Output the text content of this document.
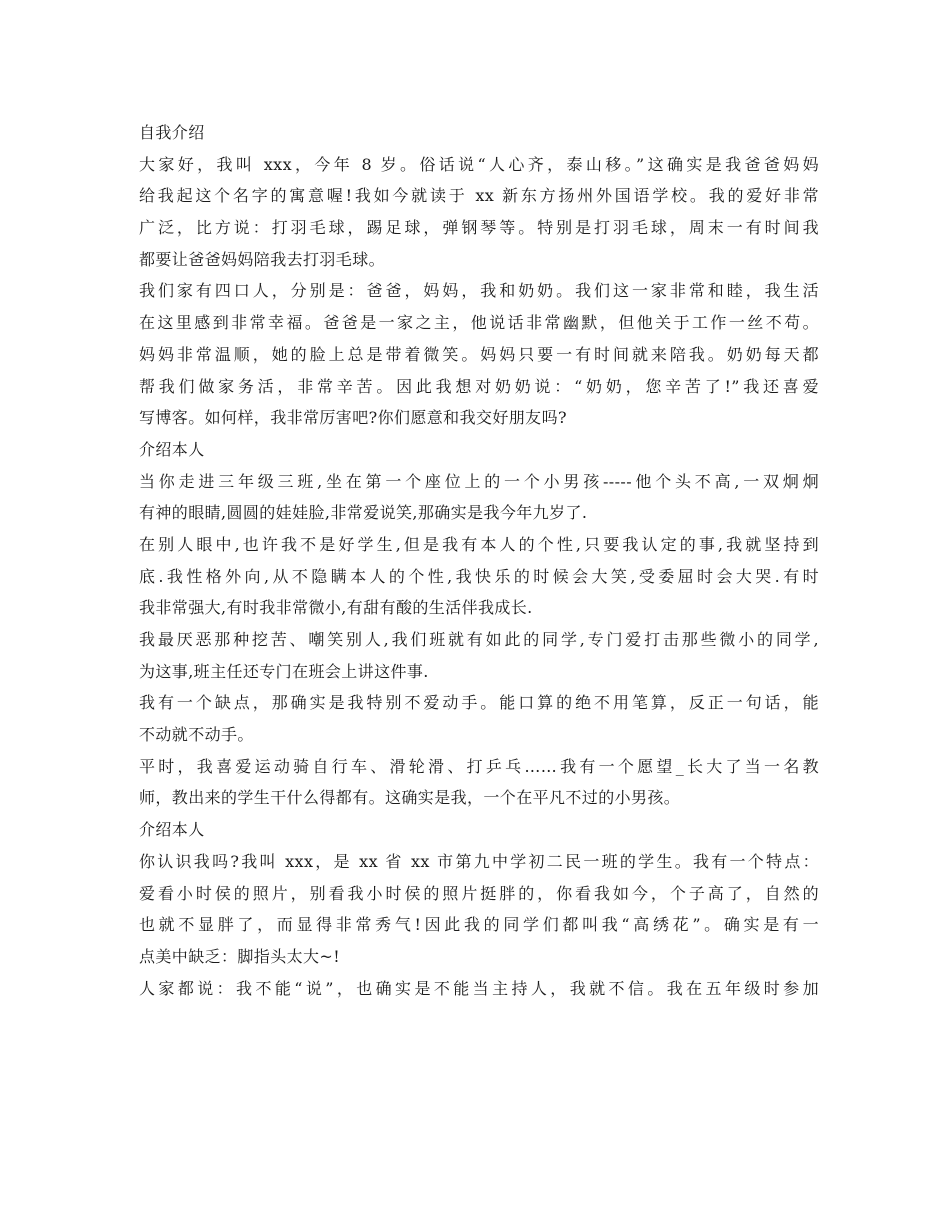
自我介绍
大家好，我叫 xxx，今年 8 岁。俗话说“人心齐，泰山移。”这确实是我爸爸妈妈
给我起这个名字的寓意喔!我如今就读于 xx 新东方扬州外国语学校。我的爱好非常
广泛，比方说：打羽毛球，踢足球，弹钢琴等。特别是打羽毛球，周末一有时间我
都要让爸爸妈妈陪我去打羽毛球。
我们家有四口人，分别是：爸爸，妈妈，我和奶奶。我们这一家非常和睦，我生活
在这里感到非常幸福。爸爸是一家之主，他说话非常幽默，但他关于工作一丝不苟。
妈妈非常温顺，她的脸上总是带着微笑。妈妈只要一有时间就来陪我。奶奶每天都
帮我们做家务活，非常辛苦。因此我想对奶奶说：“奶奶，您辛苦了!”我还喜爱
写博客。如何样，我非常厉害吧?你们愿意和我交好朋友吗?
介绍本人
当你走进三年级三班,坐在第一个座位上的一个小男孩-----他个头不高,一双炯炯
有神的眼睛,圆圆的娃娃脸,非常爱说笑,那确实是我今年九岁了.
在别人眼中,也许我不是好学生,但是我有本人的个性,只要我认定的事,我就坚持到
底.我性格外向,从不隐瞒本人的个性,我快乐的时候会大笑,受委屈时会大哭.有时
我非常强大,有时我非常微小,有甜有酸的生活伴我成长.
我最厌恶那种挖苦、嘲笑别人,我们班就有如此的同学,专门爱打击那些微小的同学,
为这事,班主任还专门在班会上讲这件事.
我有一个缺点，那确实是我特别不爱动手。能口算的绝不用笔算，反正一句话，能
不动就不动手。
平时，我喜爱运动骑自行车、滑轮滑、打乒乓……我有一个愿望_长大了当一名教
师，教出来的学生干什么得都有。这确实是我，一个在平凡不过的小男孩。
介绍本人
你认识我吗?我叫 xxx，是 xx 省 xx 市第九中学初二民一班的学生。我有一个特点：
爱看小时侯的照片，别看我小时侯的照片挺胖的，你看我如今，个子高了，自然的
也就不显胖了，而显得非常秀气!因此我的同学们都叫我“高绣花”。确实是有一
点美中缺乏：脚指头太大~!
人家都说：我不能“说”，也确实是不能当主持人，我就不信。我在五年级时参加
